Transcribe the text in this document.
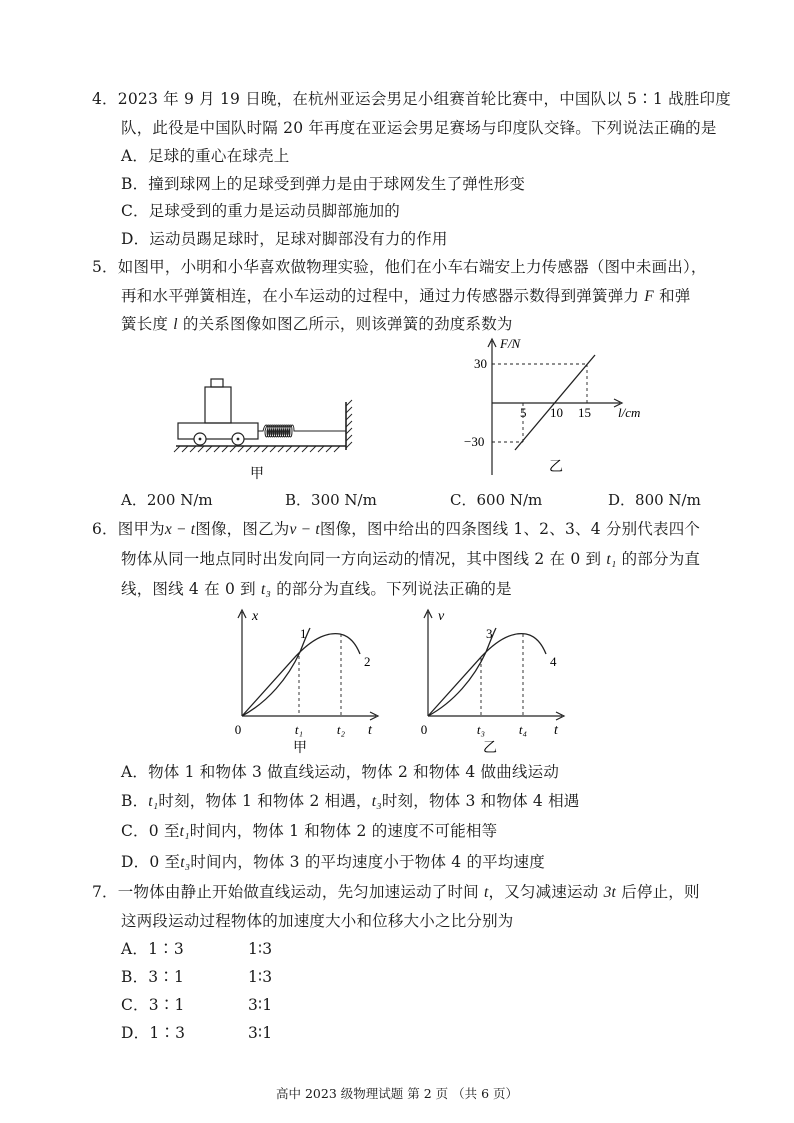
4．2023 年 9 月 19 日晚，在杭州亚运会男足小组赛首轮比赛中，中国队以 5∶1 战胜印度
队，此役是中国队时隔 20 年再度在亚运会男足赛场与印度队交锋。下列说法正确的是
A．足球的重心在球壳上
B．撞到球网上的足球受到弹力是由于球网发生了弹性形变
C．足球受到的重力是运动员脚部施加的
D．运动员踢足球时，足球对脚部没有力的作用
5．如图甲，小明和小华喜欢做物理实验，他们在小车右端安上力传感器（图中未画出），
再和水平弹簧相连，在小车运动的过程中，通过力传感器示数得到弹簧弹力 F 和弹
簧长度 l 的关系图像如图乙所示，则该弹簧的劲度系数为
甲
F/N
l/cm
30
−30
5 10 15
乙
A．200 N/m	B．300 N/m	C．600 N/m	D．800 N/m
6．图甲为x − t图像，图乙为v − t图像，图中给出的四条图线 1、2、3、4 分别代表四个
物体从同一地点同时出发向同一方向运动的情况，其中图线 2 在 0 到 t₁ 的部分为直
线，图线 4 在 0 到 t₃ 的部分为直线。下列说法正确的是
x
t
0
1
2
t₁	t₂
甲
v
t
0
3
4
t₃	t₄
乙
A．物体 1 和物体 3 做直线运动，物体 2 和物体 4 做曲线运动
B．t₁时刻，物体 1 和物体 2 相遇，t₃时刻，物体 3 和物体 4 相遇
C．0 至t₁时间内，物体 1 和物体 2 的速度不可能相等
D．0 至t₃时间内，物体 3 的平均速度小于物体 4 的平均速度
7．一物体由静止开始做直线运动，先匀加速运动了时间 t，又匀减速运动 3t 后停止，则
这两段运动过程物体的加速度大小和位移大小之比分别为
A．1∶3	1∶3
B．3∶1	1∶3
C．3∶1	3∶1
D．1∶3	3∶1
高中 2023 级物理试题 第 2 页 （共 6 页）
